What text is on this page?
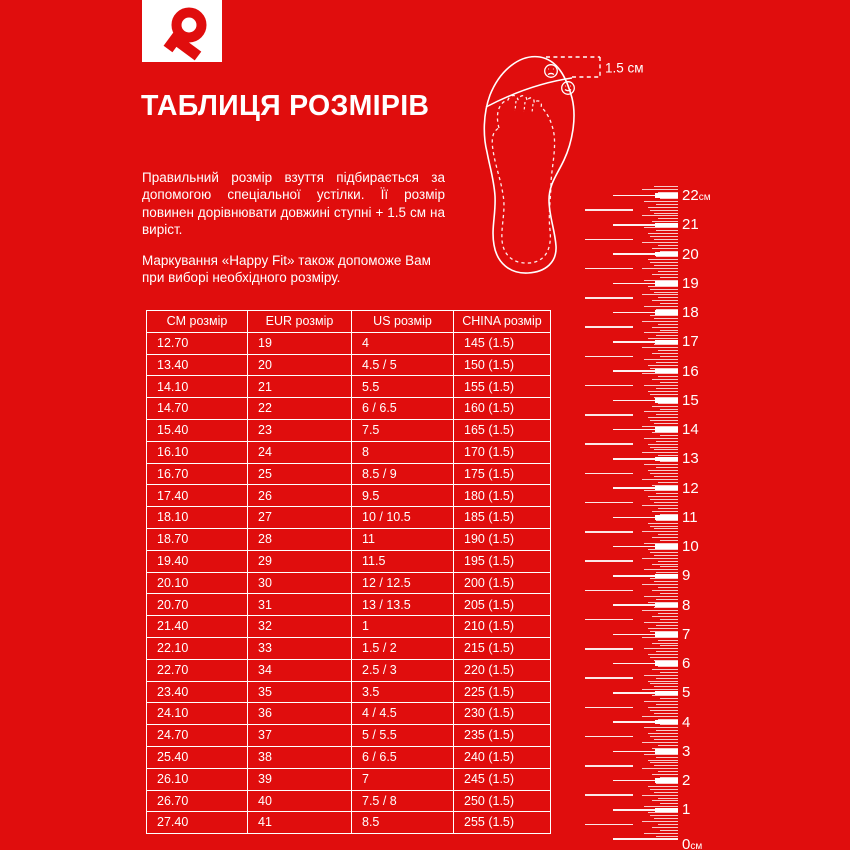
ТАБЛИЦЯ РОЗМІРІВ

Правильний розмір взуття підбирається за допомогою спеціальної устілки. Її розмір повинен дорівнювати довжині ступні + 1.5 см на виріст.

Маркування «Happy Fit» також допоможе Вам при виборі необхідного розміру.

1.5 см
0см
1
2
3
4
5
6
7
8
9
10
11
12
13
14
15
16
17
18
19
20
21
22см
CM розмір	EUR розмір	US розмір	CHINA розмір
12.70	19	4	145 (1.5)
13.40	20	4.5 / 5	150 (1.5)
14.10	21	5.5	155 (1.5)
14.70	22	6 / 6.5	160 (1.5)
15.40	23	7.5	165 (1.5)
16.10	24	8	170 (1.5)
16.70	25	8.5 / 9	175 (1.5)
17.40	26	9.5	180 (1.5)
18.10	27	10 / 10.5	185 (1.5)
18.70	28	11	190 (1.5)
19.40	29	11.5	195 (1.5)
20.10	30	12 / 12.5	200 (1.5)
20.70	31	13 / 13.5	205 (1.5)
21.40	32	1	210 (1.5)
22.10	33	1.5 / 2	215 (1.5)
22.70	34	2.5 / 3	220 (1.5)
23.40	35	3.5	225 (1.5)
24.10	36	4 / 4.5	230 (1.5)
24.70	37	5 / 5.5	235 (1.5)
25.40	38	6 / 6.5	240 (1.5)
26.10	39	7	245 (1.5)
26.70	40	7.5 / 8	250 (1.5)
27.40	41	8.5	255 (1.5)
